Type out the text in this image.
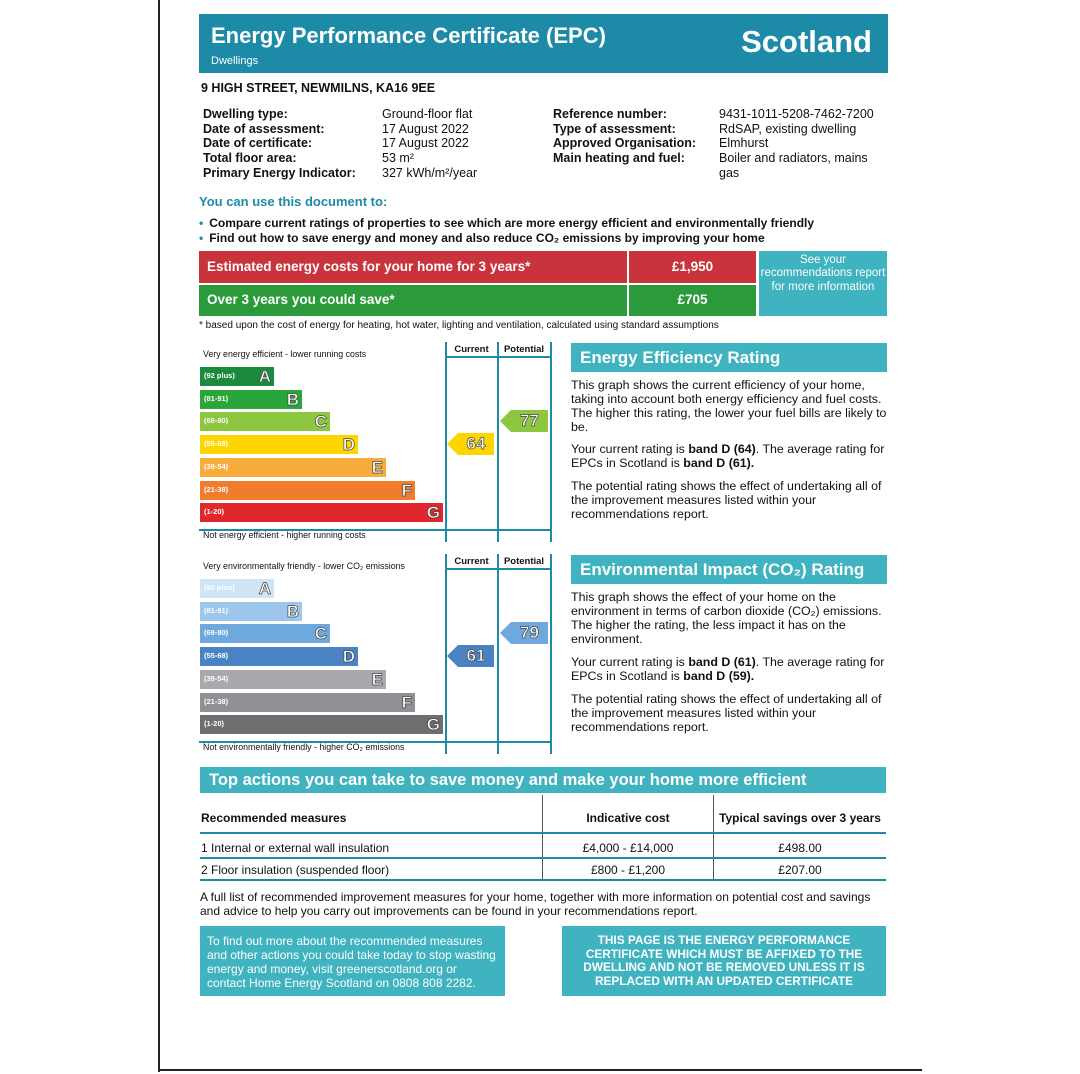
Energy Performance Certificate (EPC)
Dwellings
Scotland
9 HIGH STREET, NEWMILNS, KA16 9EE
Dwelling type:	Ground-floor flat
Date of assessment:	17 August 2022
Date of certificate:	17 August 2022
Total floor area:	53 m²
Primary Energy Indicator: 327 kWh/m²/year
Reference number:	9431-1011-5208-7462-7200
Type of assessment:	RdSAP, existing dwelling
Approved Organisation: Elmhurst
Main heating and fuel:	Boiler and radiators, mains
gas
You can use this document to:
• Compare current ratings of properties to see which are more energy efficient and environmentally friendly
• Find out how to save energy and money and also reduce CO₂ emissions by improving your home
Estimated energy costs for your home for 3 years*	£1,950
Over 3 years you could save*	£705
See your recommendations report for more information
* based upon the cost of energy for heating, hot water, lighting and ventilation, calculated using standard assumptions
Current	Potential
Very energy efficient - lower running costs
Not energy efficient - higher running costs
(92 plus) A
(81-91)	B
(69-80)	C
(55-68)	D
(39-54)	E
(21-38)	F
(1-20)	G
64
77
Current	Potential
Very environmentally friendly - lower CO₂ emissions
Not environmentally friendly - higher CO₂ emissions
(92 plus) A
(81-91)	B
(69-80)	C
(55-68)	D
(39-54)	E
(21-38)	F
(1-20)	G
61
79
Energy Efficiency Rating
This graph shows the current efficiency of your home, taking into account both energy efficiency and fuel costs. The higher this rating, the lower your fuel bills are likely to be.
Your current rating is band D (64). The average rating for EPCs in Scotland is band D (61).
The potential rating shows the effect of undertaking all of the improvement measures listed within your recommendations report.
Environmental Impact (CO₂) Rating
This graph shows the effect of your home on the environment in terms of carbon dioxide (CO₂) emissions. The higher the rating, the less impact it has on the environment.
Your current rating is band D (61). The average rating for EPCs in Scotland is band D (59).
The potential rating shows the effect of undertaking all of the improvement measures listed within your recommendations report.
Top actions you can take to save money and make your home more efficient
Recommended measures	Indicative cost	Typical savings over 3 years
1 Internal or external wall insulation	£4,000 - £14,000	£498.00
2 Floor insulation (suspended floor)	£800 - £1,200	£207.00
A full list of recommended improvement measures for your home, together with more information on potential cost and savings and advice to help you carry out improvements can be found in your recommendations report.
To find out more about the recommended measures and other actions you could take today to stop wasting energy and money, visit greenerscotland.org or contact Home Energy Scotland on 0808 808 2282.
THIS PAGE IS THE ENERGY PERFORMANCE CERTIFICATE WHICH MUST BE AFFIXED TO THE DWELLING AND NOT BE REMOVED UNLESS IT IS REPLACED WITH AN UPDATED CERTIFICATE
